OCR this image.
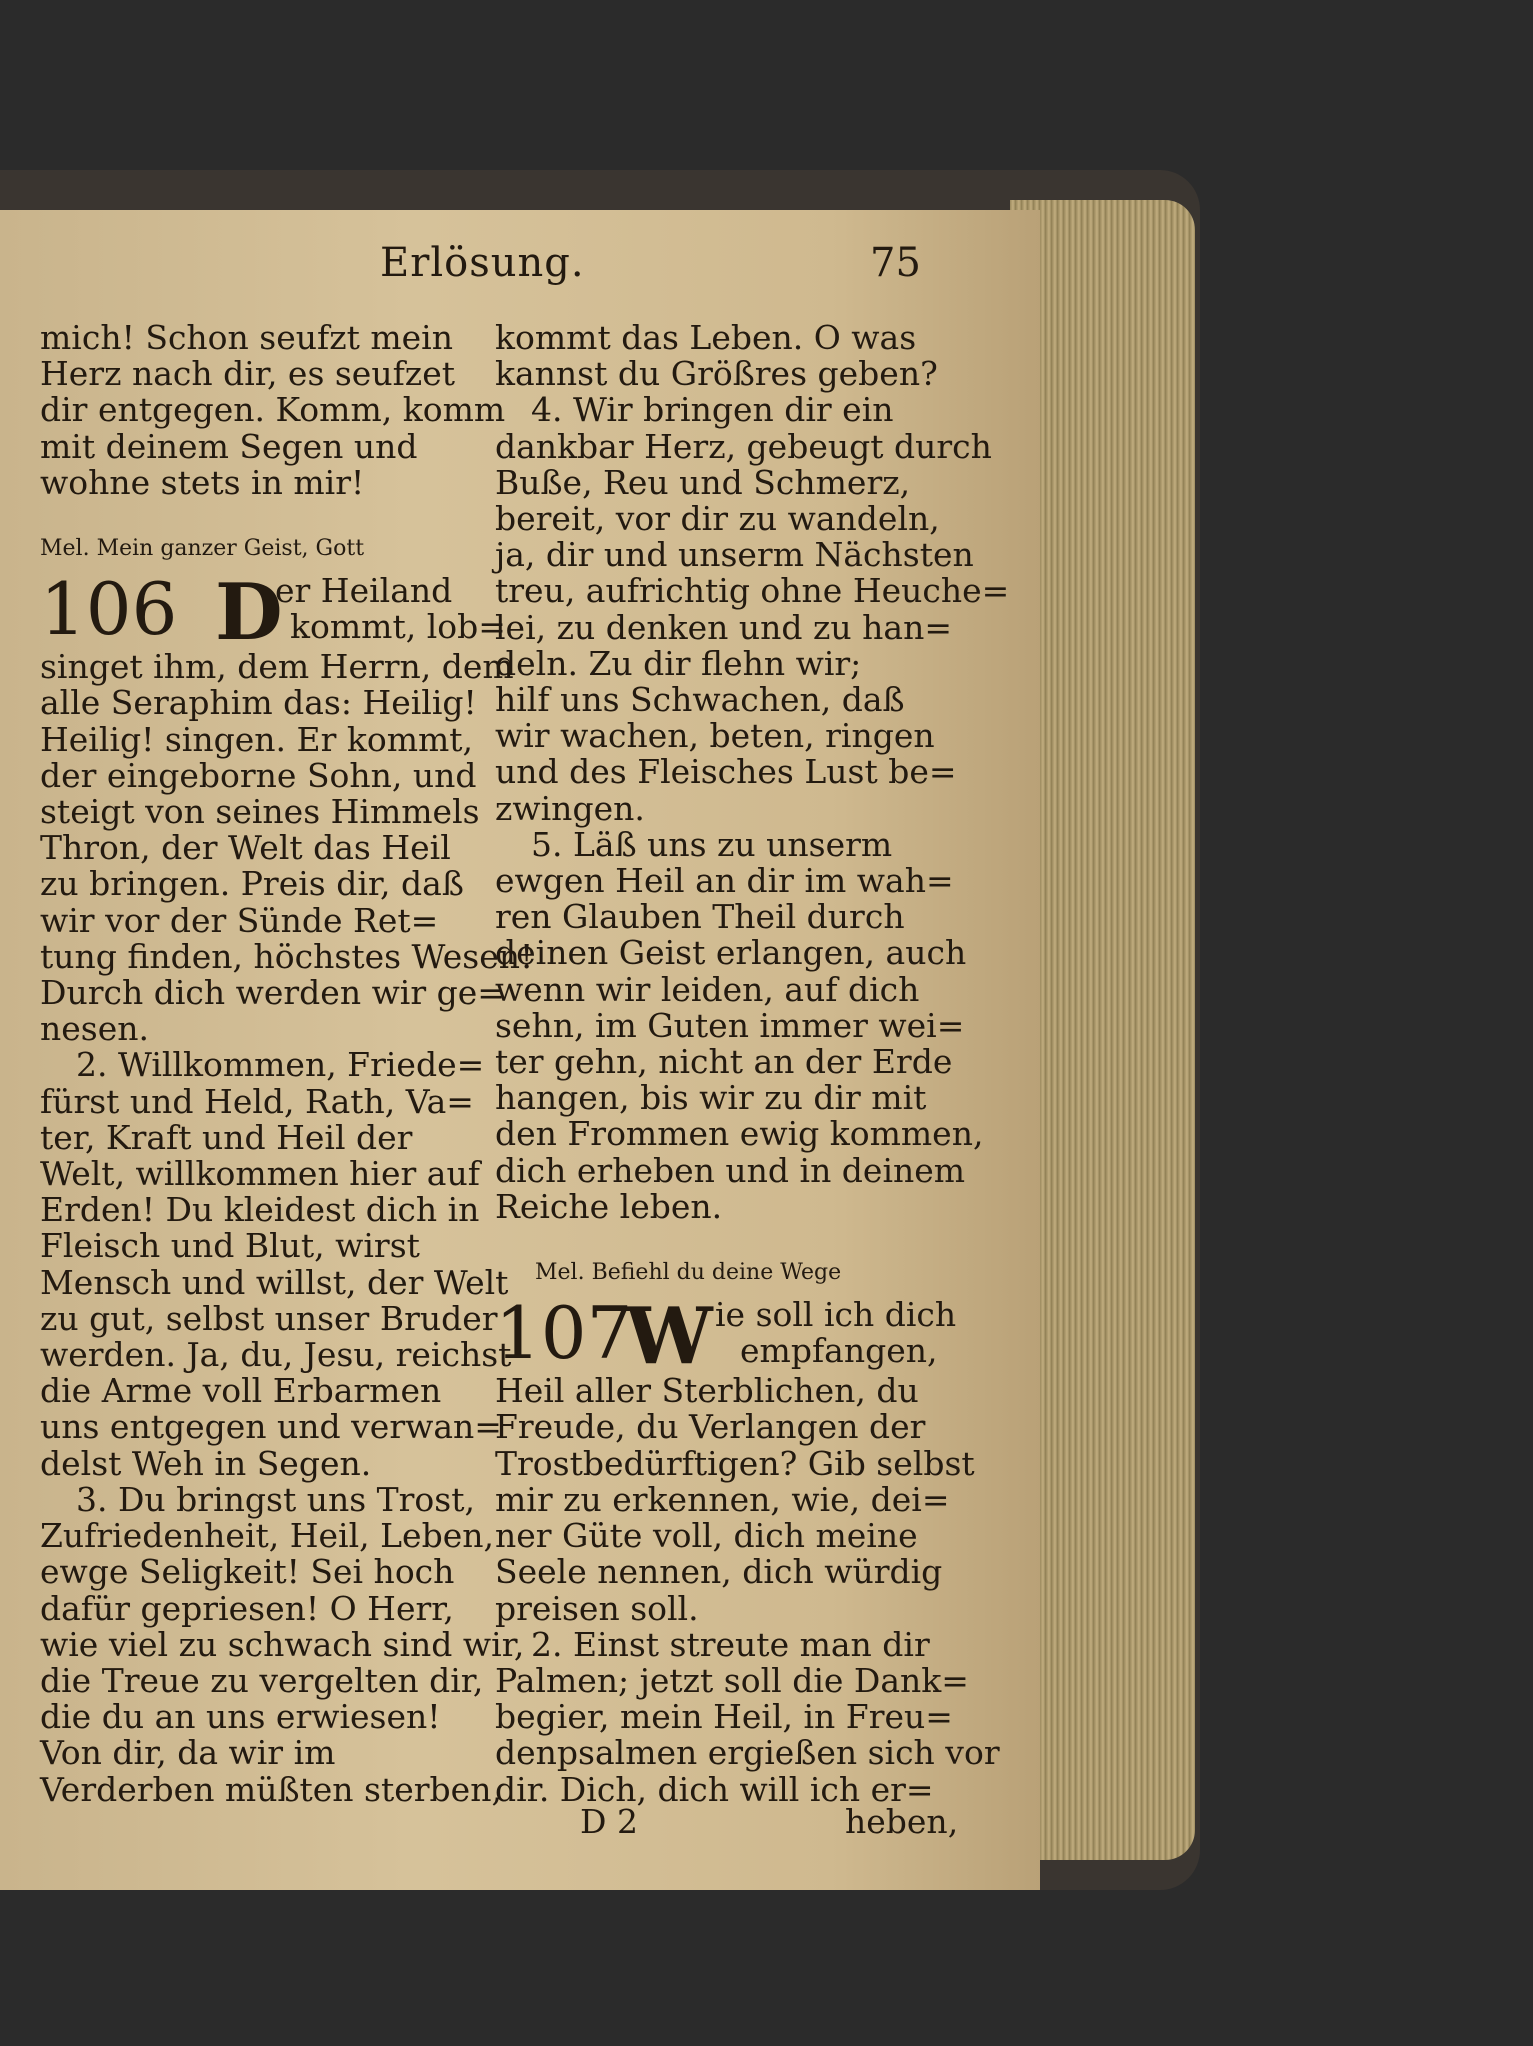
Erlösung.	75
mich! Schon seufzt mein
Herz nach dir, es seufzet
dir entgegen. Komm, komm
mit deinem Segen und
wohne stets in mir!
Mel. Mein ganzer Geist, Gott
106 D
er Heiland
kommt, lob=
singet ihm, dem Herrn, dem
alle Seraphim das: Heilig!
Heilig! singen. Er kommt,
der eingeborne Sohn, und
steigt von seines Himmels
Thron, der Welt das Heil
zu bringen. Preis dir, daß
wir vor der Sünde Ret=
tung finden, höchstes Wesen!
Durch dich werden wir ge=
nesen.
2. Willkommen, Friede=
fürst und Held, Rath, Va=
ter, Kraft und Heil der
Welt, willkommen hier auf
Erden! Du kleidest dich in
Fleisch und Blut, wirst
Mensch und willst, der Welt
zu gut, selbst unser Bruder
werden. Ja, du, Jesu, reichst
die Arme voll Erbarmen
uns entgegen und verwan=
delst Weh in Segen.
3. Du bringst uns Trost,
Zufriedenheit, Heil, Leben,
ewge Seligkeit! Sei hoch
dafür gepriesen! O Herr,
wie viel zu schwach sind wir,
die Treue zu vergelten dir,
die du an uns erwiesen!
Von dir, da wir im
Verderben müßten sterben,
kommt das Leben. O was
kannst du Größres geben?
4. Wir bringen dir ein
dankbar Herz, gebeugt durch
Buße, Reu und Schmerz,
bereit, vor dir zu wandeln,
ja, dir und unserm Nächsten
treu, aufrichtig ohne Heuche=
lei, zu denken und zu han=
deln. Zu dir flehn wir;
hilf uns Schwachen, daß
wir wachen, beten, ringen
und des Fleisches Lust be=
zwingen.
5. Läß uns zu unserm
ewgen Heil an dir im wah=
ren Glauben Theil durch
deinen Geist erlangen, auch
wenn wir leiden, auf dich
sehn, im Guten immer wei=
ter gehn, nicht an der Erde
hangen, bis wir zu dir mit
den Frommen ewig kommen,
dich erheben und in deinem
Reiche leben.
Mel. Befiehl du deine Wege
107
W ie soll ich dich
empfangen,
Heil aller Sterblichen, du
Freude, du Verlangen der
Trostbedürftigen? Gib selbst
mir zu erkennen, wie, dei=
ner Güte voll, dich meine
Seele nennen, dich würdig
preisen soll.
2. Einst streute man dir
Palmen; jetzt soll die Dank=
begier, mein Heil, in Freu=
denpsalmen ergießen sich vor
dir. Dich, dich will ich er=
D 2	heben,
